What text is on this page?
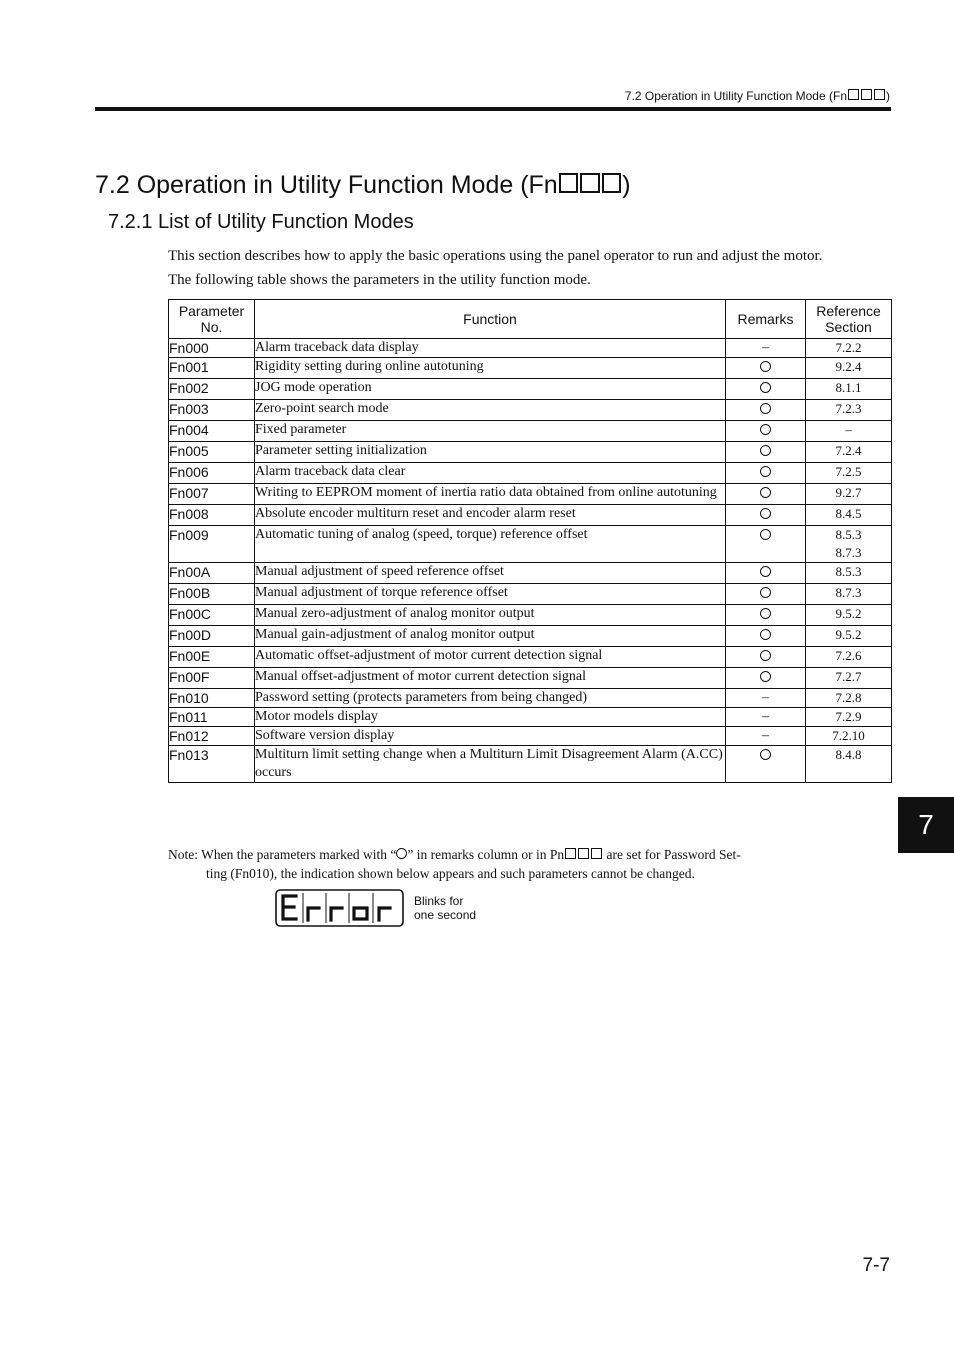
7.2 Operation in Utility Function Mode (Fn	)
7.2 Operation in Utility Function Mode (Fn	)
7.2.1 List of Utility Function Modes

This section describes how to apply the basic operations using the panel operator to run and adjust the motor.

The following table shows the parameters in the utility function mode.

Parameter
No.	Function	Remarks	Reference
Section
Fn000	Alarm traceback data display	–	7.2.2

Fn001	Rigidity setting during online autotuning		9.2.4

Fn002	JOG mode operation		8.1.1

Fn003	Zero-point search mode		7.2.3

Fn004	Fixed parameter		–

Fn005	Parameter setting initialization		7.2.4

Fn006	Alarm traceback data clear		7.2.5

Fn007	Writing to EEPROM moment of inertia ratio data obtained from online autotuning		9.2.7

Fn008	Absolute encoder multiturn reset and encoder alarm reset		8.4.5

Fn009	Automatic tuning of analog (speed, torque) reference offset		8.5.3
8.7.3

Fn00A	Manual adjustment of speed reference offset		8.5.3

Fn00B	Manual adjustment of torque reference offset		8.7.3

Fn00C	Manual zero-adjustment of analog monitor output		9.5.2

Fn00D	Manual gain-adjustment of analog monitor output		9.5.2

Fn00E	Automatic offset-adjustment of motor current detection signal		7.2.6

Fn00F	Manual offset-adjustment of motor current detection signal		7.2.7

Fn010	Password setting (protects parameters from being changed)	–	7.2.8

Fn011	Motor models display	–	7.2.9

Fn012	Software version display	–	7.2.10

Fn013	Multiturn limit setting change when a Multiturn Limit Disagreement Alarm (A.CC) occurs		8.4.8
Note: When the parameters marked with “○” in remarks column or in Pn	are set for Password Set-
ting (Fn010), the indication shown below appears and such parameters cannot be changed.
Blinks for
one second
7
7-7
